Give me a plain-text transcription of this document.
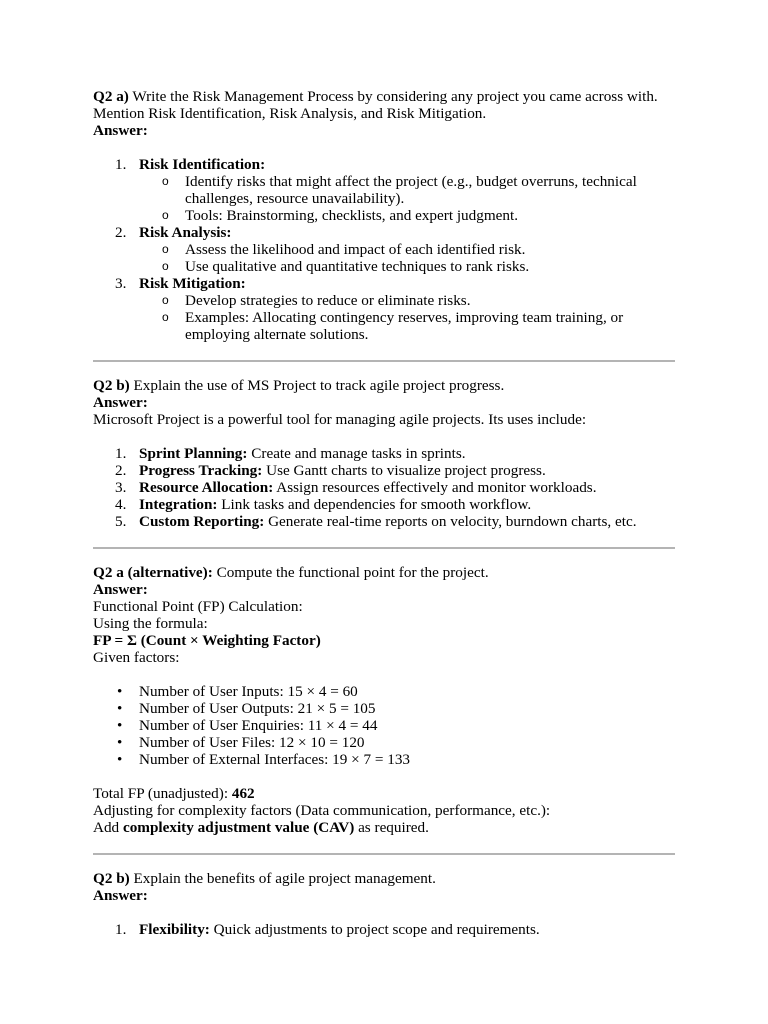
Q2 a) Write the Risk Management Process by considering any project you came across with.

Mention Risk Identification, Risk Analysis, and Risk Mitigation.

Answer:

1. Risk Identification:
o Identify risks that might affect the project (e.g., budget overruns, technical challenges, resource unavailability).
o Tools: Brainstorming, checklists, and expert judgment.
2. Risk Analysis:
o Assess the likelihood and impact of each identified risk.
o Use qualitative and quantitative techniques to rank risks.
3. Risk Mitigation:
o Develop strategies to reduce or eliminate risks.
o Examples: Allocating contingency reserves, improving team training, or employing alternate solutions.

Q2 b) Explain the use of MS Project to track agile project progress.

Answer:

Microsoft Project is a powerful tool for managing agile projects. Its uses include:

1. Sprint Planning: Create and manage tasks in sprints.
2. Progress Tracking: Use Gantt charts to visualize project progress.
3. Resource Allocation: Assign resources effectively and monitor workloads.
4. Integration: Link tasks and dependencies for smooth workflow.
5. Custom Reporting: Generate real-time reports on velocity, burndown charts, etc.

Q2 a (alternative): Compute the functional point for the project.

Answer:

Functional Point (FP) Calculation:

Using the formula:

FP = Σ (Count × Weighting Factor)

Given factors:

• Number of User Inputs: 15 × 4 = 60
• Number of User Outputs: 21 × 5 = 105
• Number of User Enquiries: 11 × 4 = 44
• Number of User Files: 12 × 10 = 120
• Number of External Interfaces: 19 × 7 = 133

Total FP (unadjusted): 462

Adjusting for complexity factors (Data communication, performance, etc.):

Add complexity adjustment value (CAV) as required.

Q2 b) Explain the benefits of agile project management.

Answer:

1. Flexibility: Quick adjustments to project scope and requirements.
